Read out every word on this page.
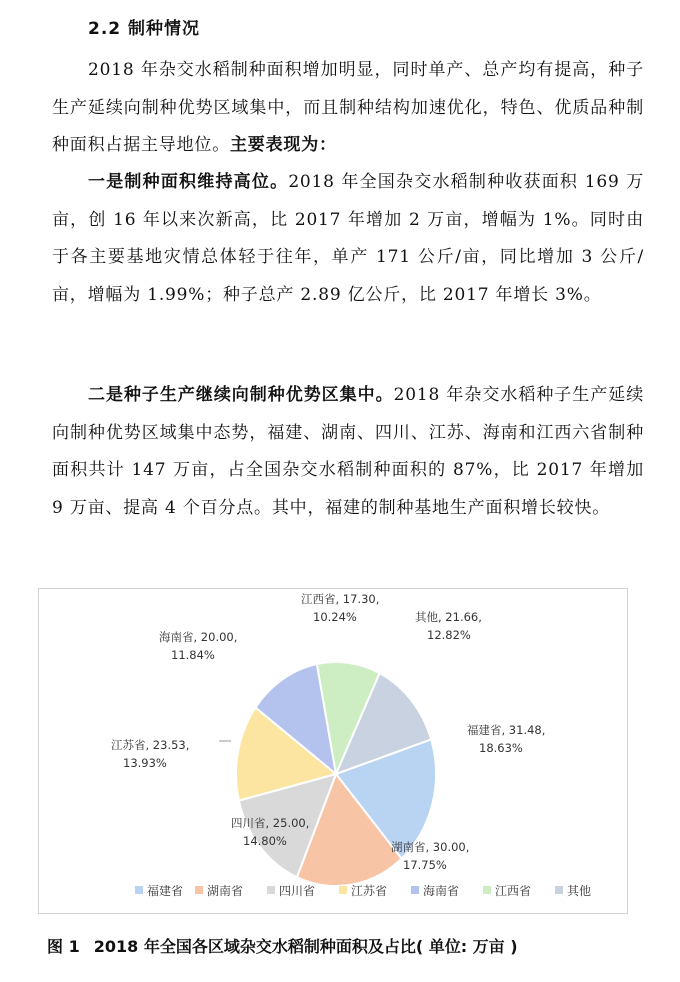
2.2 制种情况
2018 年杂交水稻制种面积增加明显，同时单产、总产均有提高，种子生产延续向制种优势区域集中，而且制种结构加速优化，特色、优质品种制种面积占据主导地位。主要表现为：
一是制种面积维持高位。2018 年全国杂交水稻制种收获面积 169 万亩，创 16 年以来次新高，比 2017 年增加 2 万亩，增幅为 1%。同时由于各主要基地灾情总体轻于往年，单产 171 公斤/亩，同比增加 3 公斤/亩，增幅为 1.99%；种子总产 2.89 亿公斤，比 2017 年增长 3%。
二是种子生产继续向制种优势区集中。2018 年杂交水稻种子生产延续向制种优势区域集中态势，福建、湖南、四川、江苏、海南和江西六省制种面积共计 147 万亩，占全国杂交水稻制种面积的 87%，比 2017 年增加 9 万亩、提高 4 个百分点。其中，福建的制种基地生产面积增长较快。
福建省, 31.48,
18.63%
湖南省, 30.00,
17.75%
四川省, 25.00,
14.80%
江苏省, 23.53,
13.93%
海南省, 20.00,
11.84%
江西省, 17.30,
10.24%	其他, 21.66,
12.82%
福建省 湖南省	四川省	江苏省	海南省	江西省	其他
图 1 2018 年全国各区域杂交水稻制种面积及占比( 单位: 万亩 )
